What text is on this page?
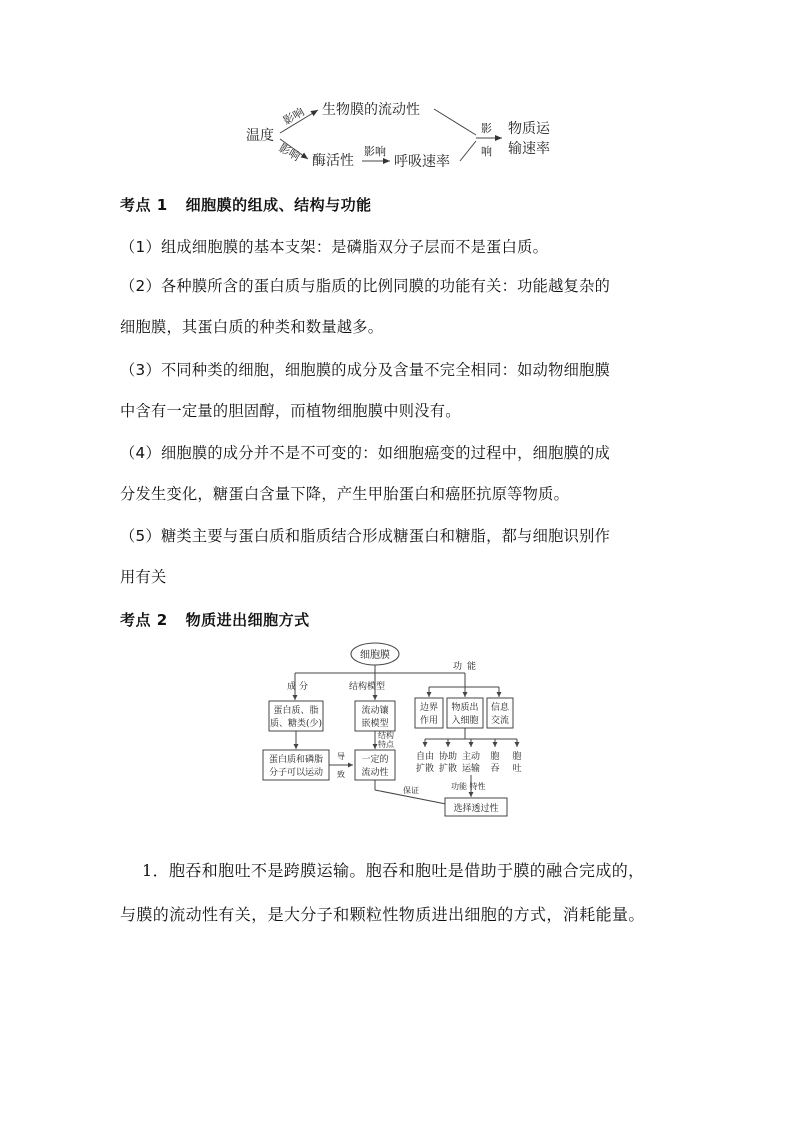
温度
影响
影响
生物膜的流动性
酶活性
影响
呼吸速率
影
响
物质运
输速率
考点 1 细胞膜的组成、结构与功能
（1）组成细胞膜的基本支架：是磷脂双分子层而不是蛋白质。
（2）各种膜所含的蛋白质与脂质的比例同膜的功能有关：功能越复杂的
细胞膜，其蛋白质的种类和数量越多。
（3）不同种类的细胞，细胞膜的成分及含量不完全相同：如动物细胞膜
中含有一定量的胆固醇，而植物细胞膜中则没有。
（4）细胞膜的成分并不是不可变的：如细胞癌变的过程中，细胞膜的成
分发生变化，糖蛋白含量下降，产生甲胎蛋白和癌胚抗原等物质。
（5）糖类主要与蛋白质和脂质结合形成糖蛋白和糖脂，都与细胞识别作
用有关
考点 2 物质进出细胞方式
细胞膜
成 分	结构模型
功 能
蛋白质、脂
质、糖类(少)
流动镶
嵌模型
边界
作用
物质出
入细胞
信息
交流
蛋白质和磷脂
分子可以运动
结 构
特 点
导
致
一定的
流动性
自由
扩散
协助
扩散
主动
运输
胞
吞
胞
吐
保证	功能 特性
选择透过性
1．胞吞和胞吐不是跨膜运输。胞吞和胞吐是借助于膜的融合完成的，
与膜的流动性有关，是大分子和颗粒性物质进出细胞的方式，消耗能量。
